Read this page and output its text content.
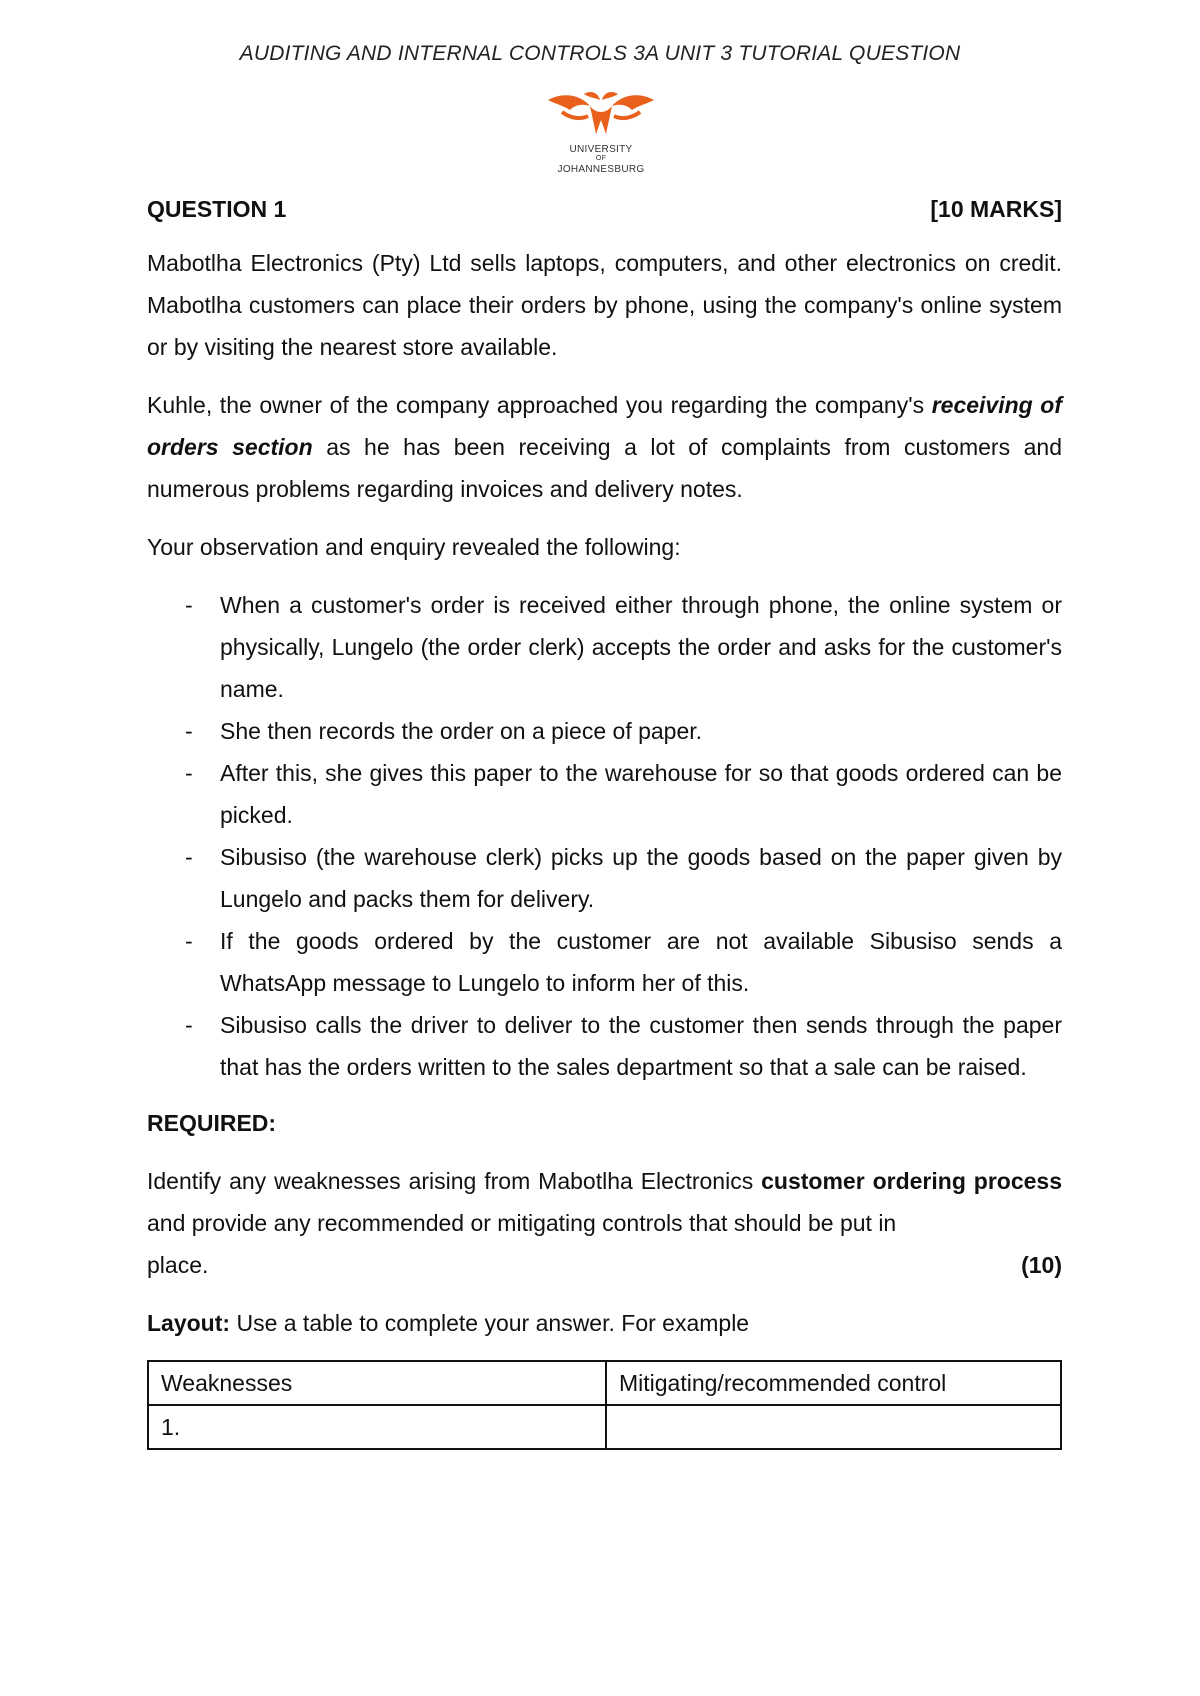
AUDITING AND INTERNAL CONTROLS 3A UNIT 3 TUTORIAL QUESTION
UNIVERSITY
OF
JOHANNESBURG
QUESTION 1	[10 MARKS]

Mabotlha Electronics (Pty) Ltd sells laptops, computers, and other electronics on credit. Mabotlha customers can place their orders by phone, using the company's online system or by visiting the nearest store available.

Kuhle, the owner of the company approached you regarding the company's receiving of orders section as he has been receiving a lot of complaints from customers and numerous problems regarding invoices and delivery notes.

Your observation and enquiry revealed the following:

- When a customer's order is received either through phone, the online system or physically, Lungelo (the order clerk) accepts the order and asks for the customer's name.
- She then records the order on a piece of paper.
- After this, she gives this paper to the warehouse for so that goods ordered can be picked.
- Sibusiso (the warehouse clerk) picks up the goods based on the paper given by Lungelo and packs them for delivery.
- If the goods ordered by the customer are not available Sibusiso sends a WhatsApp message to Lungelo to inform her of this.
- Sibusiso calls the driver to deliver to the customer then sends through the paper that has the orders written to the sales department so that a sale can be raised.
REQUIRED:

Identify any weaknesses arising from Mabotlha Electronics customer ordering process and provide any recommended or mitigating controls that should be put in

place.	(10)
Layout: Use a table to complete your answer. For example
Weaknesses	Mitigating/recommended control
1.	
